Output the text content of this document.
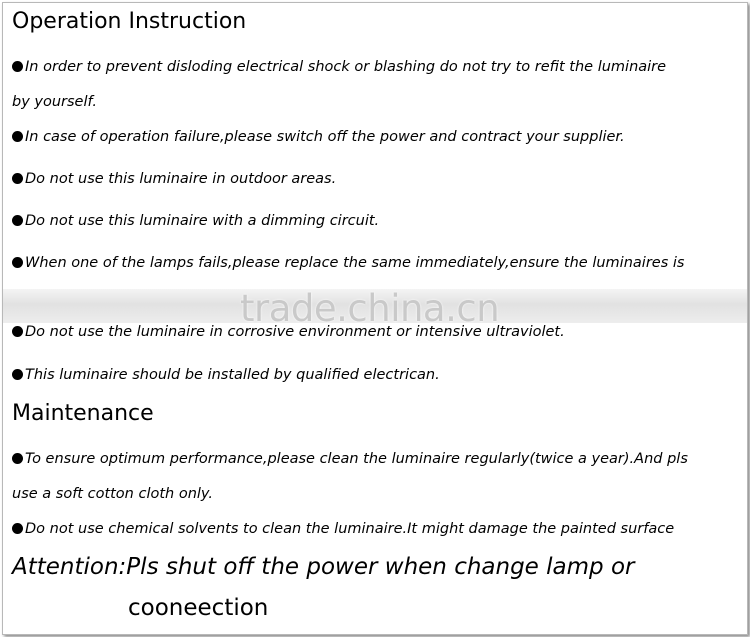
Operation Instruction
In order to prevent disloding electrical shock or blashing do not try to refit the luminaire
by yourself.
In case of operation failure,please switch off the power and contract your supplier.
Do not use this luminaire in outdoor areas.
Do not use this luminaire with a dimming circuit.
When one of the lamps fails,please replace the same immediately,ensure the luminaires is
trade.china.cn
Do not use the luminaire in corrosive environment or intensive ultraviolet.
This luminaire should be installed by qualified electrican.
Maintenance
To ensure optimum performance,please clean the luminaire regularly(twice a year).And pls
use a soft cotton cloth only.
Do not use chemical solvents to clean the luminaire.It might damage the painted surface
Attention:Pls shut off the power when change lamp or
cooneection
